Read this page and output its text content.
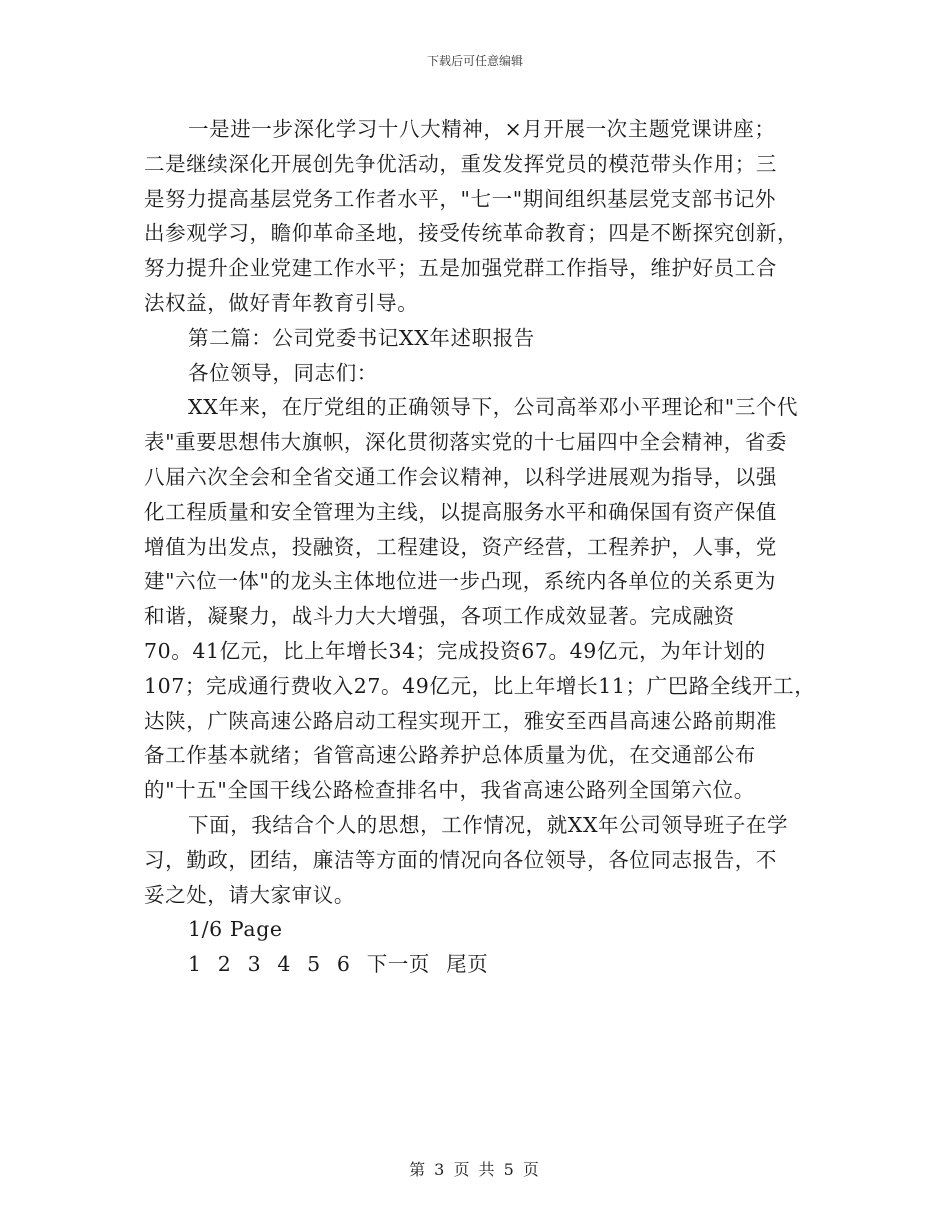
下载后可任意编辑

一是进一步深化学习十八大精神，×月开展一次主题党课讲座；
二是继续深化开展创先争优活动，重发发挥党员的模范带头作用；三
是努力提高基层党务工作者水平，"七一"期间组织基层党支部书记外
出参观学习，瞻仰革命圣地，接受传统革命教育；四是不断探究创新，
努力提升企业党建工作水平；五是加强党群工作指导，维护好员工合
法权益，做好青年教育引导。

第二篇：公司党委书记XX年述职报告

各位领导，同志们：

XX年来，在厅党组的正确领导下，公司高举邓小平理论和"三个代
表"重要思想伟大旗帜，深化贯彻落实党的十七届四中全会精神，省委
八届六次全会和全省交通工作会议精神，以科学进展观为指导，以强
化工程质量和安全管理为主线，以提高服务水平和确保国有资产保值
增值为出发点，投融资，工程建设，资产经营，工程养护，人事，党
建"六位一体"的龙头主体地位进一步凸现，系统内各单位的关系更为
和谐，凝聚力，战斗力大大增强，各项工作成效显著。完成融资
70。41亿元，比上年增长34；完成投资67。49亿元，为年计划的
107；完成通行费收入27。49亿元，比上年增长11；广巴路全线开工，
达陕，广陕高速公路启动工程实现开工，雅安至西昌高速公路前期准
备工作基本就绪；省管高速公路养护总体质量为优，在交通部公布
的"十五"全国干线公路检查排名中，我省高速公路列全国第六位。

下面，我结合个人的思想，工作情况，就XX年公司领导班子在学
习，勤政，团结，廉洁等方面的情况向各位领导，各位同志报告，不
妥之处，请大家审议。

1/6 Page

1 2 3 4 5 6 下一页 尾页

第 3 页 共 5 页
